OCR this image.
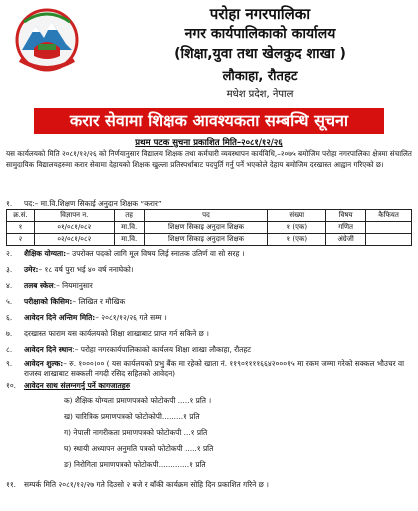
परोहा नगरपालिका
नगर कार्यपालिकाको कार्यालय
(शिक्षा,युवा तथा खेलकुद शाखा )
लौकाहा, रौतहट
मधेश प्रदेश, नेपाल
करार सेवामा शिक्षक आवश्यकता सम्बन्धि सूचना
प्रथम पटक सुचना प्रकाशित मिति–२०८१/१२/२६
यस कार्यलयको मिति २०८१/१२/२६ को निर्णयानुसार विद्यालय शिक्षक तथा कर्मचारी व्यवस्थापन कार्यविधि,–२०७५ बमोजिम परोहा नगरपालिका क्षेत्रमा संचालित सामुदायिक विद्यालयहरुमा करार सेवामा देहायको शिक्षक खुल्ला प्रतिस्पर्धाबाट पदपुर्ति गर्नु पर्ने भएकोले देहाय बमोजिम दरखास्त आह्वान गरिएको छ।
१. पद:– मा.वि.शिक्षण सिकाई अनुदान शिक्षक “करार”
क्र.सं.	विज्ञापन न.	तह	पद	संख्या	विषय	कैफियत
१	०१/०८१/०८२	मा.वि.	शिक्षण सिकाइ अनुदान शिक्षक	१ (एक)	गणित	
२	०२/०८१/०८२	मा.वि.	शिक्षण सिकाइ अनुदान शिक्षक	१ (एक)	अंग्रेजी	
२. शैक्षिक योग्यता:– उपरोक्त पदको लागि मूल विषय लिई स्नातक उतिर्ण वा सो सरह ।
३. उमेर:– १८ वर्ष पुरा भई ४० वर्ष ननाघेको।
४. तलब स्केल:– नियमानुसार
५. परीक्षाको किसिम:– लिखित र मौखिक
६. आवेदन दिने अन्तिम मिति:– २०८१/१२/२६ गते सम्म ।
७. दरखास्त फाराम यस कार्यलयको शिक्षा शाखाबाट प्राप्त गर्न सकिने छ ।
८. आवेदन दिने स्थान:– परोहा नगरकार्यपालिकाको कार्यलय शिक्षा शाखा लौकाहा, रौतहट
९. आवेदन शुल्क:– रु. १०००।०० ( यस कार्यलयको प्रभु बैंक मा रहेको खाता नं. ११९०११११६६४२०००१५ मा रकम जम्मा गरेको सक्कल भौउचर वा राजस्व शाखाबाट सक्कली नगदी रसिद सहितको आवेदन)
१०. आवेदन साथ संलग्नगर्नु पर्ने कागजातहरु
क) शैक्षिक योग्यता प्रमाणपत्रको फोटोकपी .....१ प्रति ।
ख) चारित्रिक प्रमाणपत्रको फोटोकोपी.........१ प्रति
ग) नेपाली नागरीकता प्रमाणपत्रको फोटोकपी ...१ प्रति
घ) स्थायी अध्यापन अनुमति पत्रको फोटोकपी .....१ प्रति
ङ) निरोगिता प्रमाणपत्रको फोटोकपी.............१ प्रति
११. सम्पर्क मिति २०८१/१२/२७ गते दिउसो २ बजे र बाँकी कार्यक्रम सोहि दिन प्रकाशित गरिने छ ।
